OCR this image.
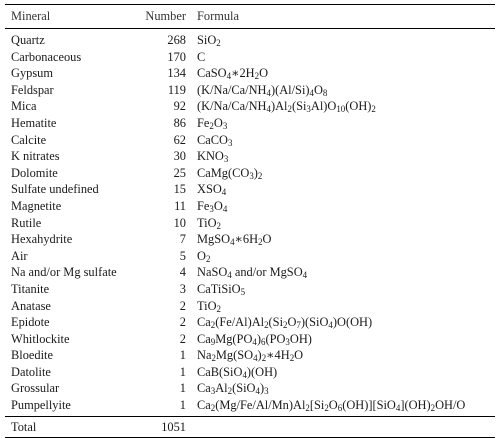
Mineral	Number Formula
Quartz	268 SiO$_2$
Carbonaceous	170 C
Gypsum	134 $CaSO_4∗2H_2O$
Feldspar	119 $(K/Na/Ca/NH_4)(Al/Si)_4O_8$
Mica	92 $(K/Na/Ca/NH_4)Al_2(Si_3Al)O_{10}(OH)_2$
Hematite	86 $Fe_2O_3$
Calcite	62 CaCO$_3$
K nitrates	30 $KNO_3$
Dolomite	25 $CaMg(CO_3)_2$
Sulfate undefined	15 $XSO_4$
Magnetite	11 $Fe_3O_4$
Rutile	10 TiO$_2$
Hexahydrite	7 $MgSO_4∗6H_2O$
Air	5 $O_2$
Na and/or Mg sulfate	4 NaSO$_4$ and/or MgSO$_4$
Titanite	3 CaTiSiO$_5$
Anatase	2 TiO$_2$
Epidote	2 $Ca_2(Fe/Al)Al_2(Si_2O_7)(SiO_4)O(OH)$
Whitlockite	2 $Ca_9Mg(PO_4)_6(PO_3OH)$
Bloedite	1 $Na_2Mg(SO_4)_2∗4H_2O$
Datolite	1 CaB(SiO$_4$)(OH)
Grossular	1 $Ca_3Al_2(SiO_4)_3$
Pumpellyite	1 $Ca_2(Mg/Fe/Al/Mn)Al_2[Si_2O_6(OH)][SiO_4](OH)_2OH/O$
Total	1051
